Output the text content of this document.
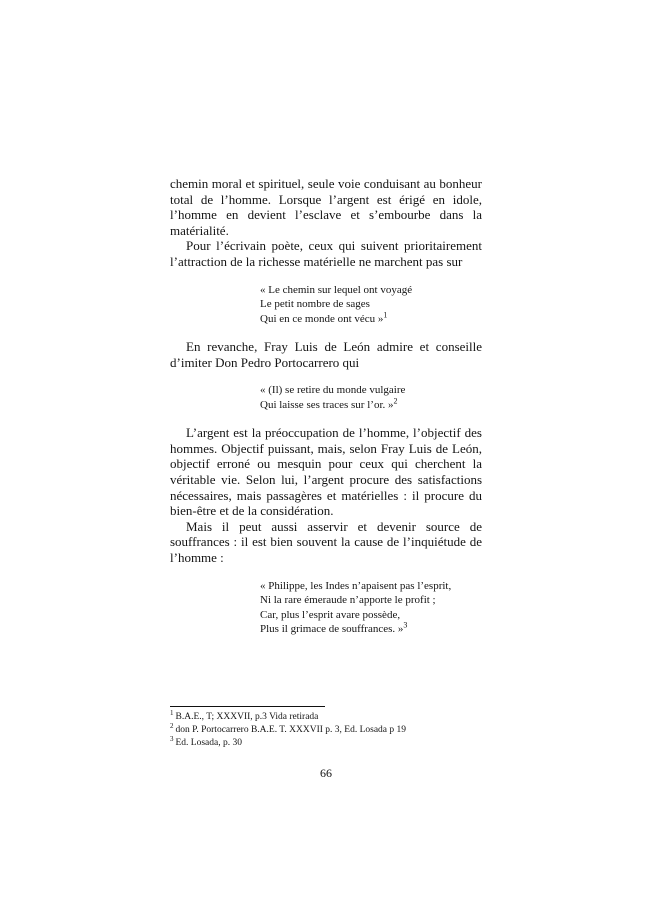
chemin moral et spirituel, seule voie conduisant au bonheur total de l’homme. Lorsque l’argent est érigé en idole, l’homme en devient l’esclave et s’embourbe dans la matérialité.

Pour l’écrivain poète, ceux qui suivent prioritairement l’attraction de la richesse matérielle ne marchent pas sur

« Le chemin sur lequel ont voyagé
Le petit nombre de sages
Qui en ce monde ont vécu »$^1$

En revanche, Fray Luis de León admire et conseille d’imiter Don Pedro Portocarrero qui

« (Il) se retire du monde vulgaire
Qui laisse ses traces sur l’or. »$^2$

L’argent est la préoccupation de l’homme, l’objectif des hommes. Objectif puissant, mais, selon Fray Luis de León, objectif erroné ou mesquin pour ceux qui cherchent la véritable vie. Selon lui, l’argent procure des satisfactions nécessaires, mais passagères et matérielles : il procure du bien-être et de la considération.

Mais il peut aussi asservir et devenir source de souffrances : il est bien souvent la cause de l’inquiétude de l’homme :

« Philippe, les Indes n’apaisent pas l’esprit,
Ni la rare émeraude n’apporte le profit ;
Car, plus l’esprit avare possède,
Plus il grimace de souffrances. »$^3$

$^1$ B.A.E., T; XXXVII, p.3 Vida retirada

$^2$ don P. Portocarrero B.A.E. T. XXXVII p. 3, Ed. Losada p 19

$^3$ Ed. Losada, p. 30

66
